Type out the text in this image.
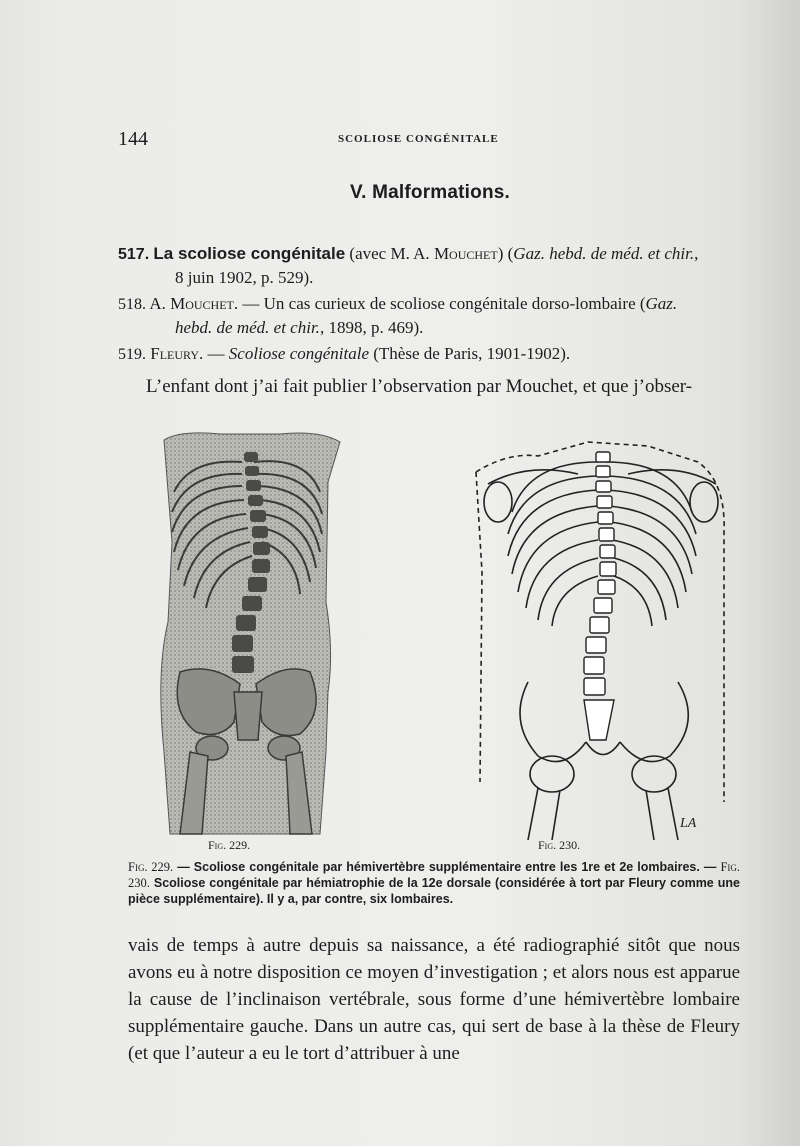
144	SCOLIOSE CONGÉNITALE
V. Malformations.
517. La scoliose congénitale (avec M. A. Mouchet) (Gaz. hebd. de méd. et chir.,
8 juin 1902, p. 529).
518. A. Mouchet. — Un cas curieux de scoliose congénitale dorso-lombaire (Gaz.
hebd. de méd. et chir., 1898, p. 469).
519. Fleury. — Scoliose congénitale (Thèse de Paris, 1901-1902).
L’enfant dont j’ai fait publier l’observation par Mouchet, et que j’obser-
LA
Fig. 229.	Fig. 230.
Fig. 229. — Scoliose congénitale par hémivertèbre supplémentaire entre les 1re et 2e lombaires. — Fig. 230. Scoliose congénitale par hémiatrophie de la 12e dorsale (considérée à tort par Fleury comme une pièce supplémentaire). Il y a, par contre, six lombaires.
vais de temps à autre depuis sa naissance, a été radiographié sitôt que nous avons eu à notre disposition ce moyen d’investigation ; et alors nous est apparue la cause de l’inclinaison vertébrale, sous forme d’une hémivertèbre lombaire supplémentaire gauche. Dans un autre cas, qui sert de base à la thèse de Fleury (et que l’auteur a eu le tort d’attribuer à une
